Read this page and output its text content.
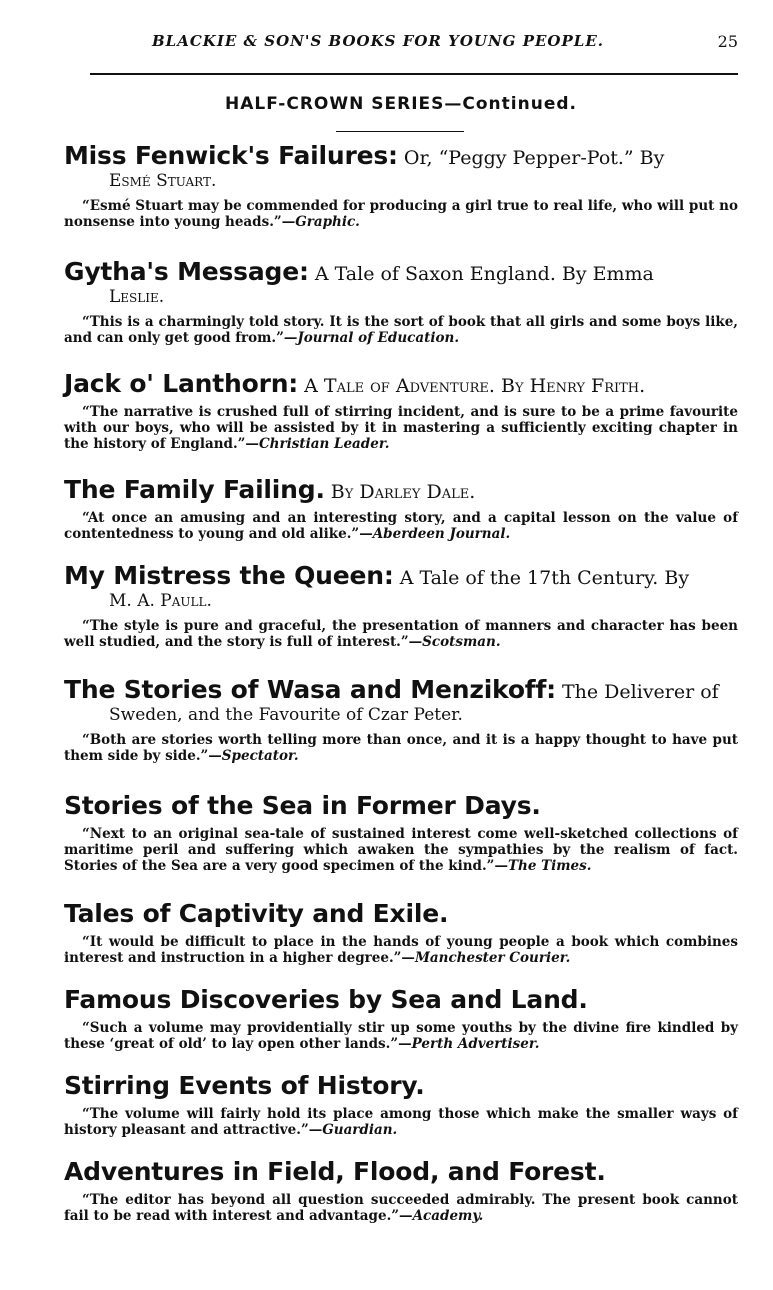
BLACKIE & SON'S BOOKS FOR YOUNG PEOPLE.	25
HALF-CROWN SERIES—Continued.

Miss Fenwick's Failures: Or, “Peggy Pepper-Pot.” By

Esmé Stuart.

“Esmé Stuart may be commended for producing a girl true to real life, who will put no nonsense into young heads.”—Graphic.

Gytha's Message: A Tale of Saxon England. By Emma

Leslie.

“This is a charmingly told story. It is the sort of book that all girls and some boys like, and can only get good from.”—Journal of Education.

Jack o' Lanthorn: A Tale of Adventure. By Henry Frith.

“The narrative is crushed full of stirring incident, and is sure to be a prime favourite with our boys, who will be assisted by it in mastering a sufficiently exciting chapter in the history of England.”—Christian Leader.

The Family Failing. By Darley Dale.

“At once an amusing and an interesting story, and a capital lesson on the value of contentedness to young and old alike.”—Aberdeen Journal.

My Mistress the Queen: A Tale of the 17th Century. By

M. A. Paull.

“The style is pure and graceful, the presentation of manners and character has been well studied, and the story is full of interest.”—Scotsman.

The Stories of Wasa and Menzikoff: The Deliverer of

Sweden, and the Favourite of Czar Peter.

“Both are stories worth telling more than once, and it is a happy thought to have put them side by side.”—Spectator.

Stories of the Sea in Former Days.

“Next to an original sea-tale of sustained interest come well-sketched collections of maritime peril and suffering which awaken the sympathies by the realism of fact. Stories of the Sea are a very good specimen of the kind.”—The Times.

Tales of Captivity and Exile.

“It would be difficult to place in the hands of young people a book which combines interest and instruction in a higher degree.”—Manchester Courier.

Famous Discoveries by Sea and Land.

“Such a volume may providentially stir up some youths by the divine fire kindled by these ‘great of old’ to lay open other lands.”—Perth Advertiser.

Stirring Events of History.

“The volume will fairly hold its place among those which make the smaller ways of history pleasant and attractive.”—Guardian.

Adventures in Field, Flood, and Forest.

“The editor has beyond all question succeeded admirably. The present book cannot fail to be read with interest and advantage.”—Academy.
